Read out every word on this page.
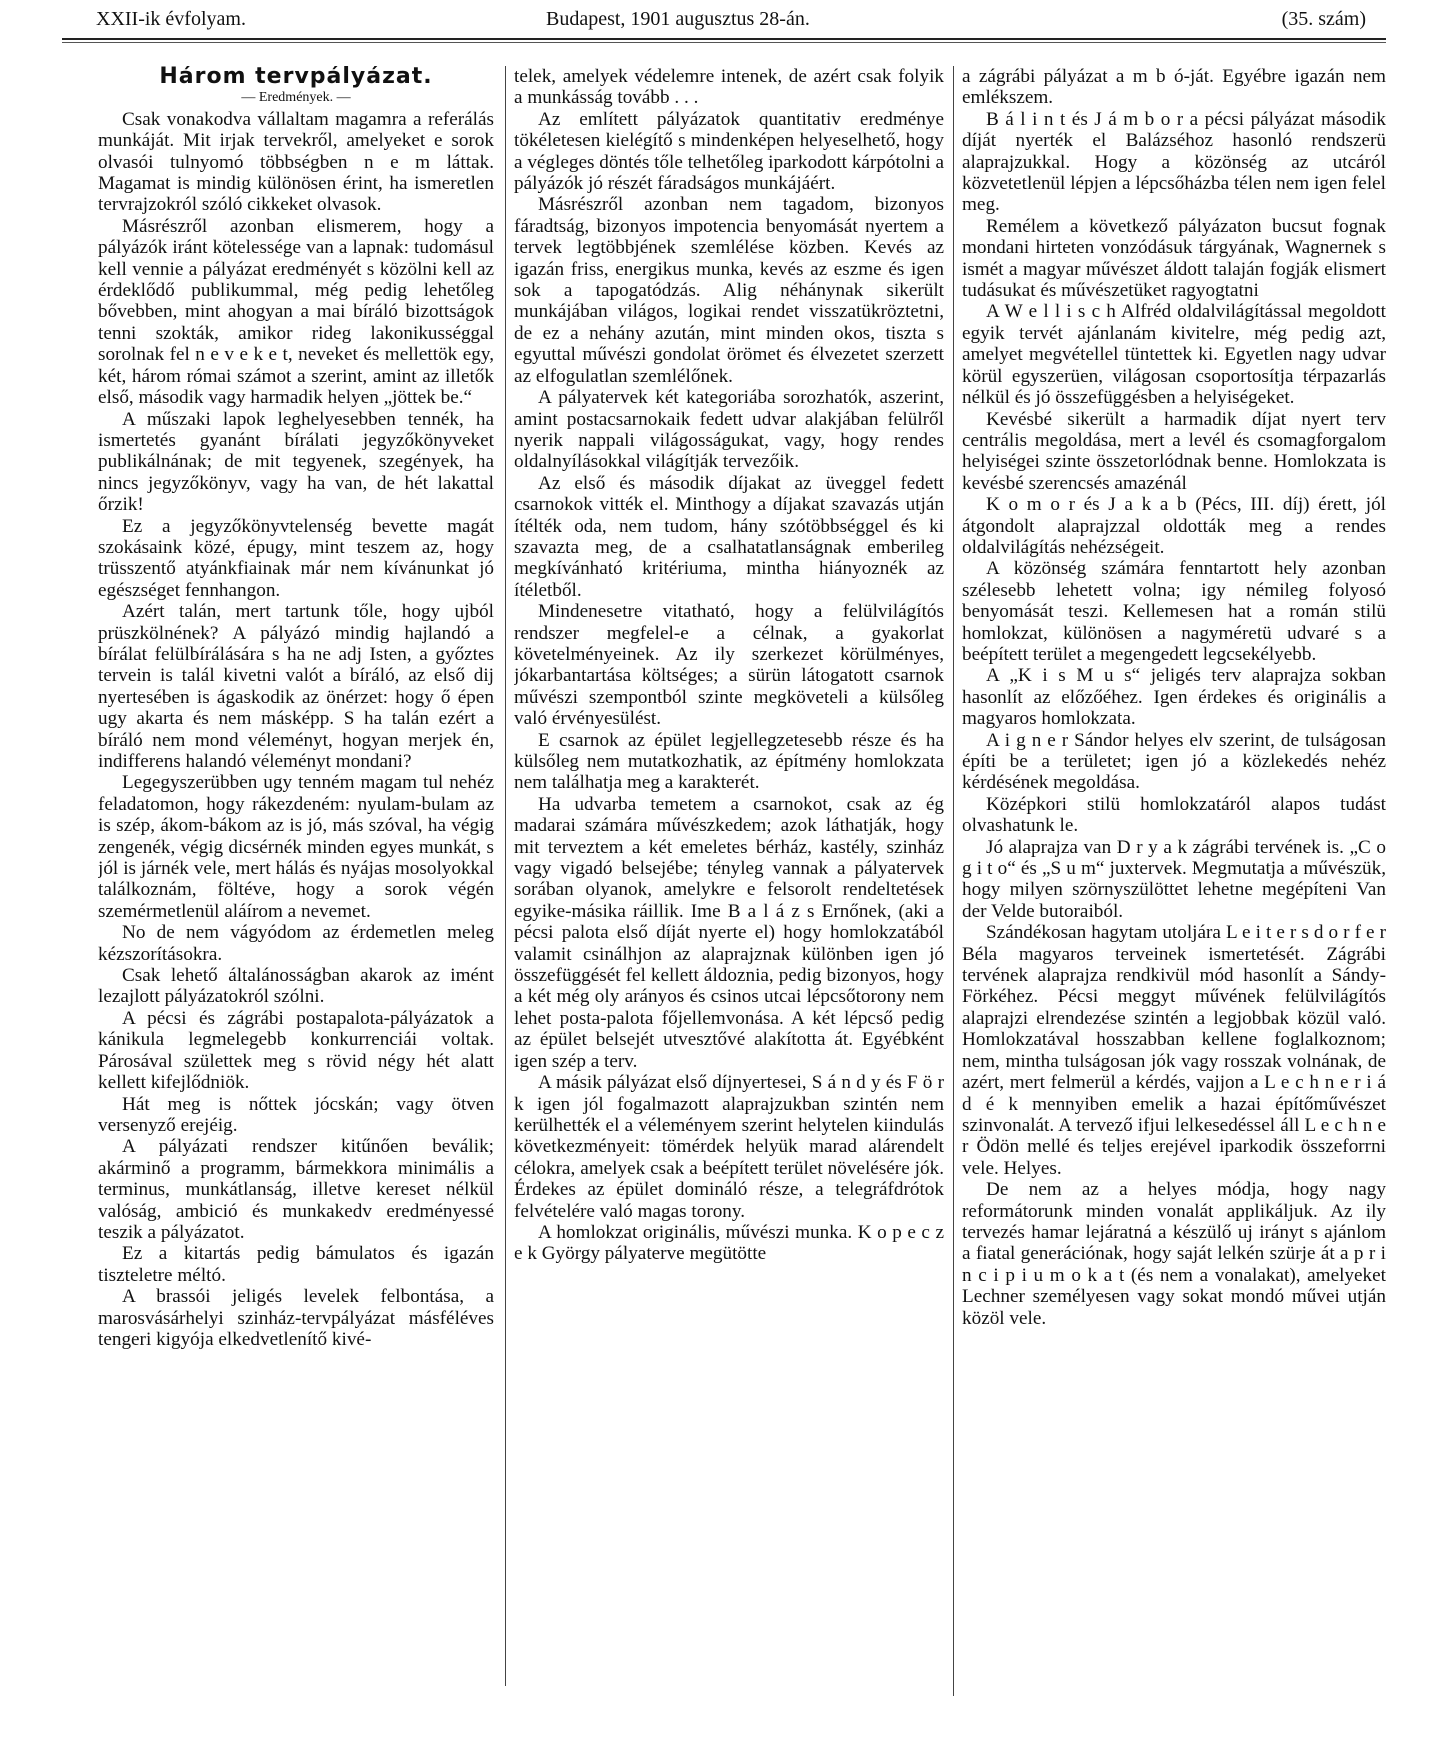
XXII-ik évfolyam.	Budapest, 1901 augusztus 28-án.	(35. szám)

Három tervpályázat.

— Eredmények. —

Csak vonakodva vállaltam magamra a referálás munkáját. Mit irjak tervekről, amelyeket e sorok olvasói tulnyomó többségben n e m láttak. Magamat is mindig különösen érint, ha ismeretlen tervrajzokról szóló cikkeket olvasok.

Másrészről azonban elismerem, hogy a pályázók iránt kötelessége van a lapnak: tudomásul kell vennie a pályázat eredményét s közölni kell az érdeklődő publikummal, még pedig lehetőleg bővebben, mint ahogyan a mai bíráló bizottságok tenni szokták, amikor rideg lakonikusséggal sorolnak fel n e v e k e t, neveket és mellettök egy, két, három római számot a szerint, amint az illetők első, második vagy harmadik helyen „jöttek be.“

A műszaki lapok leghelyesebben tennék, ha ismertetés gyanánt bírálati jegyzőkönyveket publikálnának; de mit tegyenek, szegények, ha nincs jegyzőkönyv, vagy ha van, de hét lakattal őrzik!

Ez a jegyzőkönyvtelenség bevette magát szokásaink közé, épugy, mint teszem az, hogy trüsszentő atyánkfiainak már nem kívánunkat jó egészséget fennhangon.

Azért talán, mert tartunk tőle, hogy ujból prüszkölnének? A pályázó mindig hajlandó a bírálat felülbírálására s ha ne adj Isten, a győztes tervein is talál kivetni valót a bíráló, az első dij nyertesében is ágaskodik az önérzet: hogy ő épen ugy akarta és nem másképp. S ha talán ezért a bíráló nem mond véleményt, hogyan merjek én, indifferens halandó véleményt mondani?

Legegyszerübben ugy tenném magam tul nehéz feladatomon, hogy rákezdeném: nyulam-bulam az is szép, ákom-bákom az is jó, más szóval, ha végig zengenék, végig dicsérnék minden egyes munkát, s jól is járnék vele, mert hálás és nyájas mosolyokkal találkoznám, föltéve, hogy a sorok végén szemérmetlenül aláírom a nevemet.

No de nem vágyódom az érdemetlen meleg kézszorításokra.

Csak lehető általánosságban akarok az imént lezajlott pályázatokról szólni.

A pécsi és zágrábi postapalota-pályázatok a kánikula legmelegebb konkurrenciái voltak. Párosával születtek meg s rövid négy hét alatt kellett kifejlődniök.

Hát meg is nőttek jócskán; vagy ötven versenyző erejéig.

A pályázati rendszer kitűnően beválik; akárminő a programm, bármekkora minimális a terminus, munkátlanság, illetve kereset nélkül valóság, ambició és munkakedv eredményessé teszik a pályázatot.

Ez a kitartás pedig bámulatos és igazán tiszteletre méltó.

A brassói jeligés levelek felbontása, a marosvásárhelyi szinház-tervpályázat másféléves tengeri kigyója elkedvetlenítő kivé-

telek, amelyek védelemre intenek, de azért csak folyik a munkásság tovább . . .

Az említett pályázatok quantitativ eredménye tökéletesen kielégítő s mindenképen helyeselhető, hogy a végleges döntés tőle telhetőleg iparkodott kárpótolni a pályázók jó részét fáradságos munkájáért.

Másrészről azonban nem tagadom, bizonyos fáradtság, bizonyos impotencia benyomását nyertem a tervek legtöbbjének szemlélése közben. Kevés az igazán friss, energikus munka, kevés az eszme és igen sok a tapogatódzás. Alig néhánynak sikerült munkájában világos, logikai rendet visszatükröztetni, de ez a nehány azután, mint minden okos, tiszta s egyuttal művészi gondolat örömet és élvezetet szerzett az elfogulatlan szemlélőnek.

A pályatervek két kategoriába sorozhatók, aszerint, amint postacsarnokaik fedett udvar alakjában felülről nyerik nappali világosságukat, vagy, hogy rendes oldalnyílásokkal világítják tervezőik.

Az első és második díjakat az üveggel fedett csarnokok vitték el. Minthogy a díjakat szavazás utján ítélték oda, nem tudom, hány szótöbbséggel és ki szavazta meg, de a csalhatatlanságnak emberileg megkívánható kritériuma, mintha hiányoznék az ítéletből.

Mindenesetre vitatható, hogy a felülvilágítós rendszer megfelel-e a célnak, a gyakorlat követelményeinek. Az ily szerkezet körülményes, jókarbantartása költséges; a sürün látogatott csarnok művészi szempontból szinte megköveteli a külsőleg való érvényesülést.

E csarnok az épület legjellegzetesebb része és ha külsőleg nem mutatkozhatik, az építmény homlokzata nem találhatja meg a karakterét.

Ha udvarba temetem a csarnokot, csak az ég madarai számára művészkedem; azok láthatják, hogy mit terveztem a két emeletes bérház, kastély, szinház vagy vigadó belsejébe; tényleg vannak a pályatervek sorában olyanok, amelykre e felsorolt rendeltetések egyike-másika ráillik. Ime B a l á z s Ernőnek, (aki a pécsi palota első díját nyerte el) hogy homlokzatából valamit csinálhjon az alaprajznak különben igen jó összefüggését fel kellett áldoznia, pedig bizonyos, hogy a két még oly arányos és csinos utcai lépcsőtorony nem lehet posta-palota főjellemvonása. A két lépcső pedig az épület belsejét utvesztővé alakította át. Egyébként igen szép a terv.

A másik pályázat első díjnyertesei, S á n d y és F ö r k igen jól fogalmazott alaprajzukban szintén nem kerülhették el a véleményem szerint helytelen kiindulás következményeit: tömérdek helyük marad alárendelt célokra, amelyek csak a beépített terület növelésére jók. Érdekes az épület domináló része, a telegráfdrótok felvételére való magas torony.

A homlokzat originális, művészi munka. K o p e c z e k György pályaterve megütötte

a zágrábi pályázat a m b ó-ját. Egyébre igazán nem emlékszem.

B á l i n t és J á m b o r a pécsi pályázat második díját nyerték el Balázséhoz hasonló rendszerü alaprajzukkal. Hogy a közönség az utcáról közvetetlenül lépjen a lépcsőházba télen nem igen felel meg.

Remélem a következő pályázaton bucsut fognak mondani hirteten vonzódásuk tárgyának, Wagnernek s ismét a magyar művészet áldott talaján fogják elismert tudásukat és művészetüket ragyogtatni

A W e l l i s c h Alfréd oldalvilágítással megoldott egyik tervét ajánlanám kivitelre, még pedig azt, amelyet megvétellel tüntettek ki. Egyetlen nagy udvar körül egyszerüen, világosan csoportosítja térpazarlás nélkül és jó összefüggésben a helyiségeket.

Kevésbé sikerült a harmadik díjat nyert terv centrális megoldása, mert a levél és csomagforgalom helyiségei szinte összetorlódnak benne. Homlokzata is kevésbé szerencsés amazénál

K o m o r és J a k a b (Pécs, III. díj) érett, jól átgondolt alaprajzzal oldották meg a rendes oldalvilágítás nehézségeit.

A közönség számára fenntartott hely azonban szélesebb lehetett volna; igy némileg folyosó benyomását teszi. Kellemesen hat a román stilü homlokzat, különösen a nagyméretü udvaré s a beépített terület a megengedett legcsekélyebb.

A „K i s M u s“ jeligés terv alaprajza sokban hasonlít az előzőéhez. Igen érdekes és originális a magyaros homlokzata.

A i g n e r Sándor helyes elv szerint, de tulságosan építi be a területet; igen jó a közlekedés nehéz kérdésének megoldása.

Középkori stilü homlokzatáról alapos tudást olvashatunk le.

Jó alaprajza van D r y a k zágrábi tervének is. „C o g i t o“ és „S u m“ juxtervek. Megmutatja a művészük, hogy milyen szörnyszülöttet lehetne megépíteni Van der Velde butoraiból.

Szándékosan hagytam utoljára L e i t e r s d o r f e r Béla magyaros terveinek ismertetését. Zágrábi tervének alaprajza rendkivül mód hasonlít a Sándy-Förkéhez. Pécsi meggyt művének felülvilágítós alaprajzi elrendezése szintén a legjobbak közül való. Homlokzatával hosszabban kellene foglalkoznom; nem, mintha tulságosan jók vagy rosszak volnának, de azért, mert felmerül a kérdés, vajjon a L e c h n e r i á d é k mennyiben emelik a hazai építőművészet szinvonalát. A tervező ifjui lelkesedéssel áll L e c h n e r Ödön mellé és teljes erejével iparkodik összeforrni vele. Helyes.

De nem az a helyes módja, hogy nagy reformátorunk minden vonalát applikáljuk. Az ily tervezés hamar lejáratná a készülő uj irányt s ajánlom a fiatal generációnak, hogy saját lelkén szürje át a p r i n c i p i u m o k a t (és nem a vonalakat), amelyeket Lechner személyesen vagy sokat mondó művei utján közöl vele.
